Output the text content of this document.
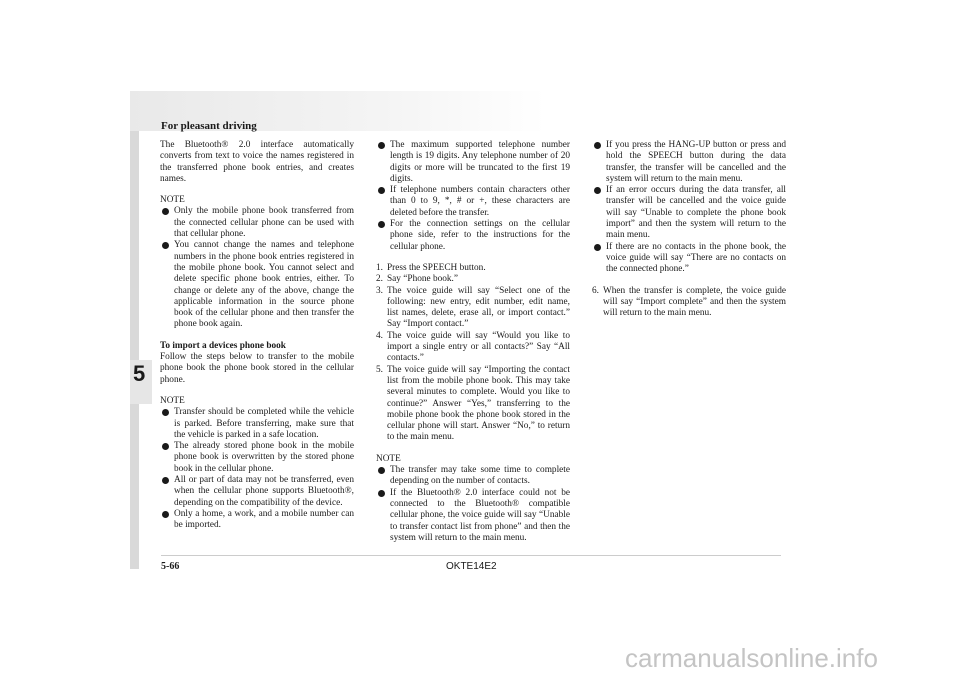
For pleasant driving
5

The Bluetooth® 2.0 interface automatically converts from text to voice the names registered in the transferred phone book entries, and creates names.

NOTE

Only the mobile phone book transferred from the connected cellular phone can be used with that cellular phone.
You cannot change the names and telephone numbers in the phone book entries registered in the mobile phone book. You cannot select and delete specific phone book entries, either. To change or delete any of the above, change the applicable information in the source phone book of the cellular phone and then transfer the phone book again.

To import a devices phone book

Follow the steps below to transfer to the mobile phone book the phone book stored in the cellular phone.

NOTE

Transfer should be completed while the vehicle is parked. Before transferring, make sure that the vehicle is parked in a safe location.
The already stored phone book in the mobile phone book is overwritten by the stored phone book in the cellular phone.
All or part of data may not be transferred, even when the cellular phone supports Bluetooth®, depending on the compatibility of the device.
Only a home, a work, and a mobile number can be imported.
The maximum supported telephone number length is 19 digits. Any telephone number of 20 digits or more will be truncated to the first 19 digits.
If telephone numbers contain characters other than 0 to 9, *, # or +, these characters are deleted before the transfer.
For the connection settings on the cellular phone side, refer to the instructions for the cellular phone.
1. Press the SPEECH button.
2. Say “Phone book.”
3. The voice guide will say “Select one of the following: new entry, edit number, edit name, list names, delete, erase all, or import contact.” Say “Import contact.”
4. The voice guide will say “Would you like to import a single entry or all contacts?” Say “All contacts.”
5. The voice guide will say “Importing the contact list from the mobile phone book. This may take several minutes to complete. Would you like to continue?” Answer “Yes,” transferring to the mobile phone book the phone book stored in the cellular phone will start. Answer “No,” to return to the main menu.

NOTE

The transfer may take some time to complete depending on the number of contacts.
If the Bluetooth® 2.0 interface could not be connected to the Bluetooth® compatible cellular phone, the voice guide will say “Unable to transfer contact list from phone” and then the system will return to the main menu.
If you press the HANG-UP button or press and hold the SPEECH button during the data transfer, the transfer will be cancelled and the system will return to the main menu.
If an error occurs during the data transfer, all transfer will be cancelled and the voice guide will say “Unable to complete the phone book import” and then the system will return to the main menu.
If there are no contacts in the phone book, the voice guide will say “There are no contacts on the connected phone.”
6. When the transfer is complete, the voice guide will say “Import complete” and then the system will return to the main menu.
5-66	OKTE14E2
carmanualsonline.info
